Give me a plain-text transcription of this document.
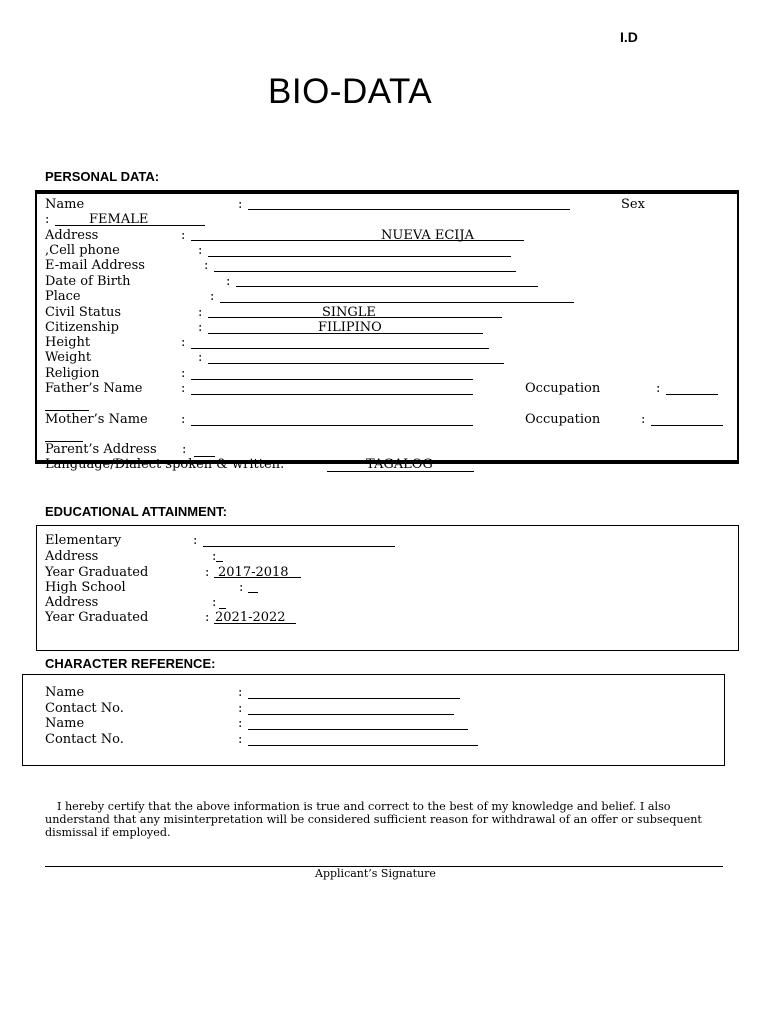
I.D
BIO-DATA
PERSONAL DATA:
Name	:	Sex
:	FEMALE
Address	:	NUEVA ECIJA
,Cell phone	:
E-mail Address	:
Date of Birth	:
Place	:
Civil Status	:	SINGLE
Citizenship	:	FILIPINO
Height	:
Weight	:
Religion	:
Father’s Name	:	Occupation	:
Mother’s Name	:	Occupation	:
Parent’s Address :
Language/Dialect spoken & written:	TAGALOG
EDUCATIONAL ATTAINMENT:
Elementary	:
Address	:
Year Graduated	: 2017-2018
High School	:
Address	:
Year Graduated	: 2021-2022
CHARACTER REFERENCE:
Name	:
Contact No.	:
Name	:
Contact No.	:
I hereby certify that the above information is true and correct to the best of my knowledge and belief. I also understand that any misinterpretation will be considered sufficient reason for withdrawal of an offer or subsequent dismissal if employed.
Applicant’s Signature
